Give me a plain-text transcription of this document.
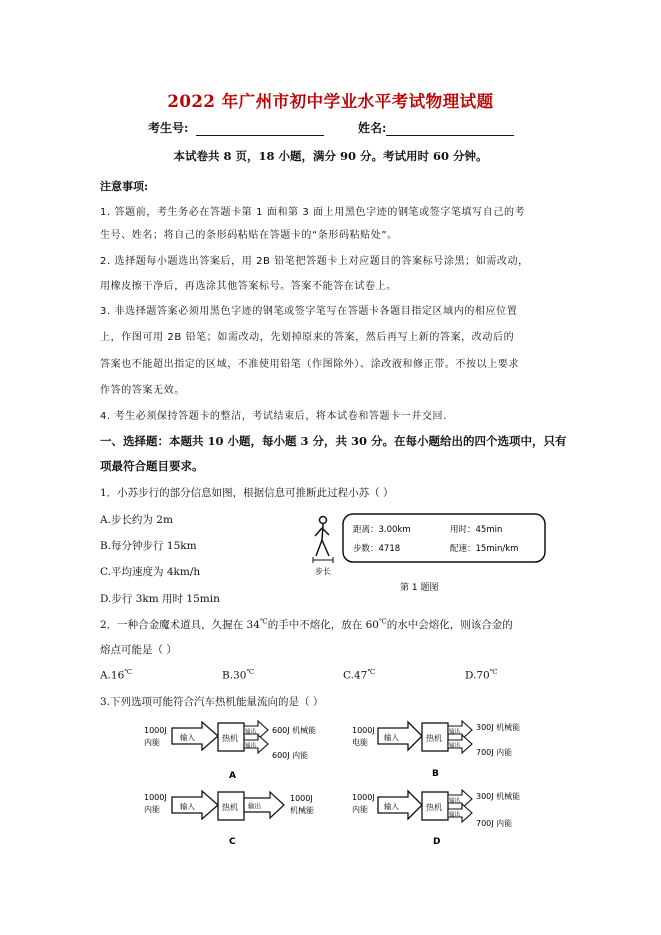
2022 年广州市初中学业水平考试物理试题
考生号:	姓名:
本试卷共 8 页，18 小题，满分 90 分。考试用时 60 分钟。
注意事项:
1. 答题前，考生务必在答题卡第 1 面和第 3 面上用黑色字迹的钢笔或签字笔填写自己的考
生号、姓名；将自己的条形码粘贴在答题卡的“条形码粘贴处”。
2. 选择题每小题选出答案后，用 2B 铅笔把答题卡上对应题目的答案标号涂黑；如需改动，
用橡皮擦干净后，再选涂其他答案标号。答案不能答在试卷上。
3. 非选择题答案必须用黑色字迹的钢笔或签字笔写在答题卡各题目指定区域内的相应位置
上，作图可用 2B 铅笔；如需改动，先划掉原来的答案，然后再写上新的答案，改动后的
答案也不能超出指定的区域，不准使用铅笔（作图除外）、涂改液和修正带。不按以上要求
作答的答案无效。
4. 考生必须保持答题卡的整洁，考试结束后，将本试卷和答题卡一并交回.
一、选择题：本题共 10 小题，每小题 3 分，共 30 分。在每小题给出的四个选项中，只有
项最符合题目要求。
1．小苏步行的部分信息如图，根据信息可推断此过程小苏（ ）
A.步长约为 2m
B.每分钟步行 15km
C.平均速度为 4km/h
D.步行 3km 用时 15min
步长
距离：3.00km	用时：45min
步数：4718	配速：15min/km
第 1 题图
2．一种合金魔术道具，久握在 34℃的手中不熔化，放在 60℃的水中会熔化，则该合金的
熔点可能是（ ）
A.16℃	B.30℃	C.47℃	D.70℃
3.下列选项可能符合汽车热机能量流向的是（ ）
1000J
内能
输入	热机
输出 600J 机械能
输出
600J 内能
A
1000J
电能
输入	热机
输出 300J 机械能
输出
700J 内能
B
1000J
内能	输入	热机 输出
1000J
机械能
C
1000J
内能 输入	热机
输出 300J 机械能
输出
700J 内能
D
